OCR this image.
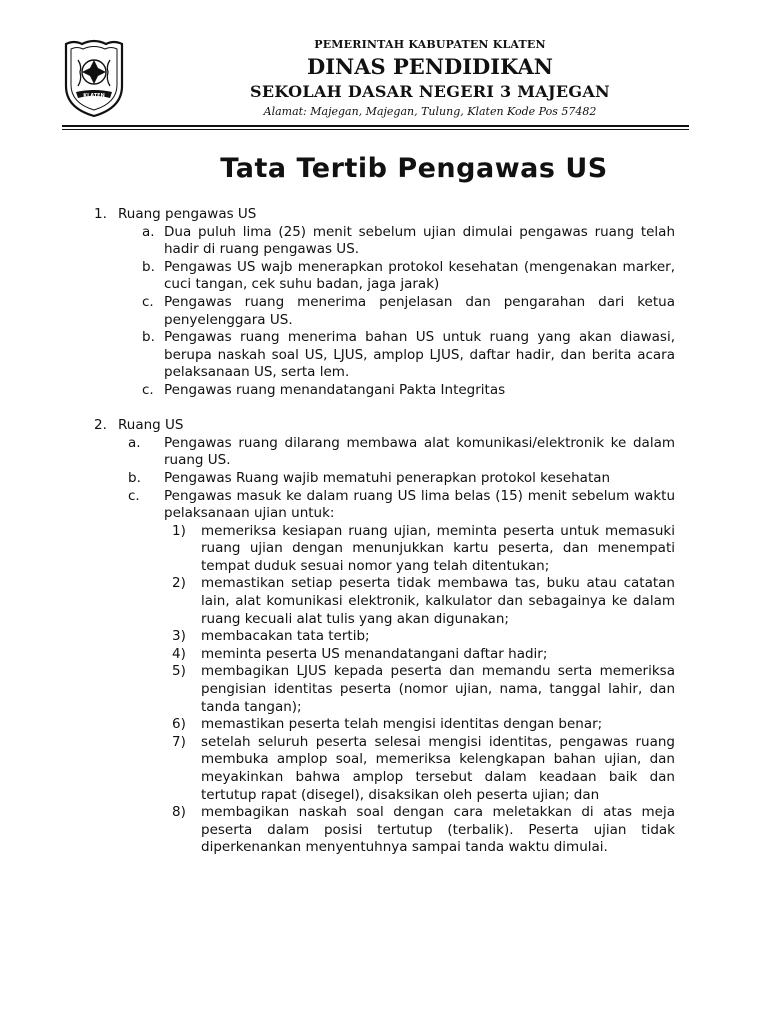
KLATEN
PEMERINTAH KABUPATEN KLATEN
DINAS PENDIDIKAN
SEKOLAH DASAR NEGERI 3 MAJEGAN
Alamat: Majegan, Majegan, Tulung, Klaten Kode Pos 57482
Tata Tertib Pengawas US
1. Ruang pengawas US
a. Dua puluh lima (25) menit sebelum ujian dimulai pengawas ruang telah hadir di ruang pengawas US.
b. Pengawas US wajb menerapkan protokol kesehatan (mengenakan marker, cuci tangan, cek suhu badan, jaga jarak)
c. Pengawas ruang menerima penjelasan dan pengarahan dari ketua penyelenggara US.
b. Pengawas ruang menerima bahan US untuk ruang yang akan diawasi, berupa naskah soal US, LJUS, amplop LJUS, daftar hadir, dan berita acara pelaksanaan US, serta lem.
c. Pengawas ruang menandatangani Pakta Integritas
2. Ruang US
a. Pengawas ruang dilarang membawa alat komunikasi/elektronik ke dalam ruang US.
b. Pengawas Ruang wajib mematuhi penerapkan protokol kesehatan
c. Pengawas masuk ke dalam ruang US lima belas (15) menit sebelum waktu pelaksanaan ujian untuk:
1) memeriksa kesiapan ruang ujian, meminta peserta untuk memasuki ruang ujian dengan menunjukkan kartu peserta, dan menempati tempat duduk sesuai nomor yang telah ditentukan;
2) memastikan setiap peserta tidak membawa tas, buku atau catatan lain, alat komunikasi elektronik, kalkulator dan sebagainya ke dalam ruang kecuali alat tulis yang akan digunakan;
3) membacakan tata tertib;
4) meminta peserta US menandatangani daftar hadir;
5) membagikan LJUS kepada peserta dan memandu serta memeriksa pengisian identitas peserta (nomor ujian, nama, tanggal lahir, dan tanda tangan);
6) memastikan peserta telah mengisi identitas dengan benar;
7) setelah seluruh peserta selesai mengisi identitas, pengawas ruang membuka amplop soal, memeriksa kelengkapan bahan ujian, dan meyakinkan bahwa amplop tersebut dalam keadaan baik dan tertutup rapat (disegel), disaksikan oleh peserta ujian; dan
8) membagikan naskah soal dengan cara meletakkan di atas meja peserta dalam posisi tertutup (terbalik). Peserta ujian tidak diperkenankan menyentuhnya sampai tanda waktu dimulai.
